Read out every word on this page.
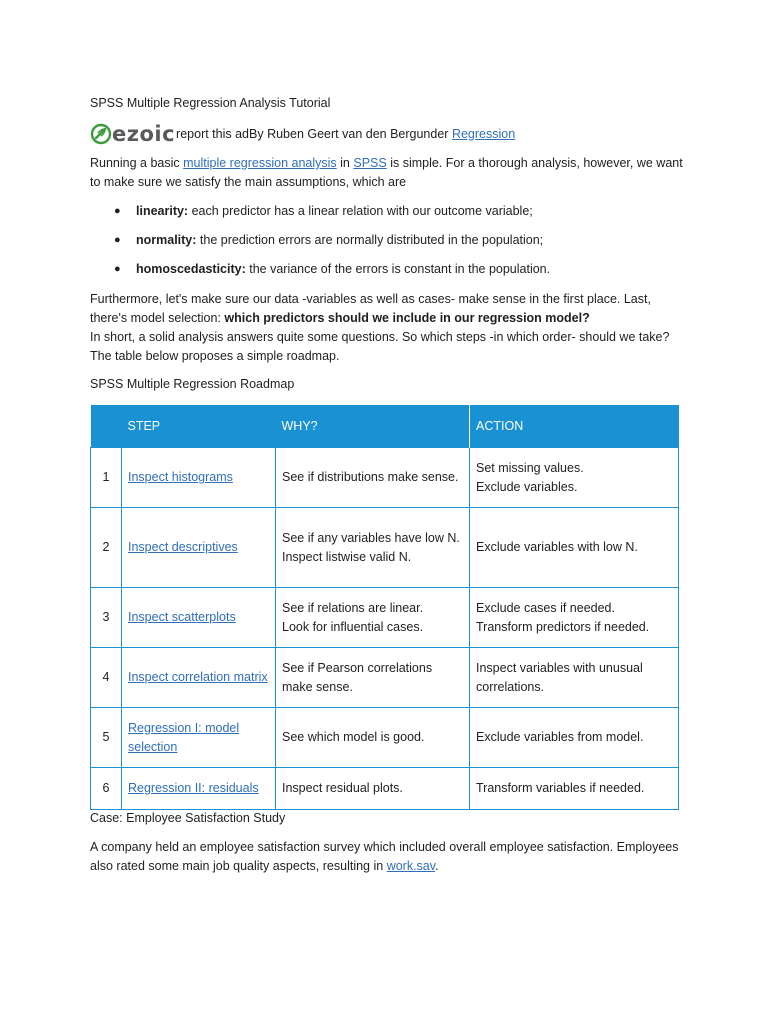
SPSS Multiple Regression Analysis Tutorial
ezoic report this ad By Ruben Geert van den Bergunder
Regression

Running a basic multiple regression analysis in SPSS is simple. For a thorough analysis, however, we want to make sure we satisfy the main assumptions, which are

● linearity: each predictor has a linear relation with our outcome variable;
● normality: the prediction errors are normally distributed in the population;
● homoscedasticity: the variance of the errors is constant in the population.

Furthermore, let's make sure our data -variables as well as cases- make sense in the first place. Last, there's model selection: which predictors should we include in our regression model?
In short, a solid analysis answers quite some questions. So which steps -in which order- should we take? The table below proposes a simple roadmap.

SPSS Multiple Regression Roadmap
	STEP	WHY?	ACTION
1	Inspect histograms	See if distributions make sense.	Set missing values.
Exclude variables.
2	Inspect descriptives	See if any variables have low N.
Inspect listwise valid N.	Exclude variables with low N.
3	Inspect scatterplots	See if relations are linear.
Look for influential cases.	Exclude cases if needed.
Transform predictors if needed.
4	Inspect correlation matrix	See if Pearson correlations make sense.	Inspect variables with unusual correlations.
5	Regression I: model selection	See which model is good.	Exclude variables from model.
6	Regression II: residuals	Inspect residual plots.	Transform variables if needed.
Case: Employee Satisfaction Study

A company held an employee satisfaction survey which included overall employee satisfaction. Employees also rated some main job quality aspects, resulting in work.sav.
